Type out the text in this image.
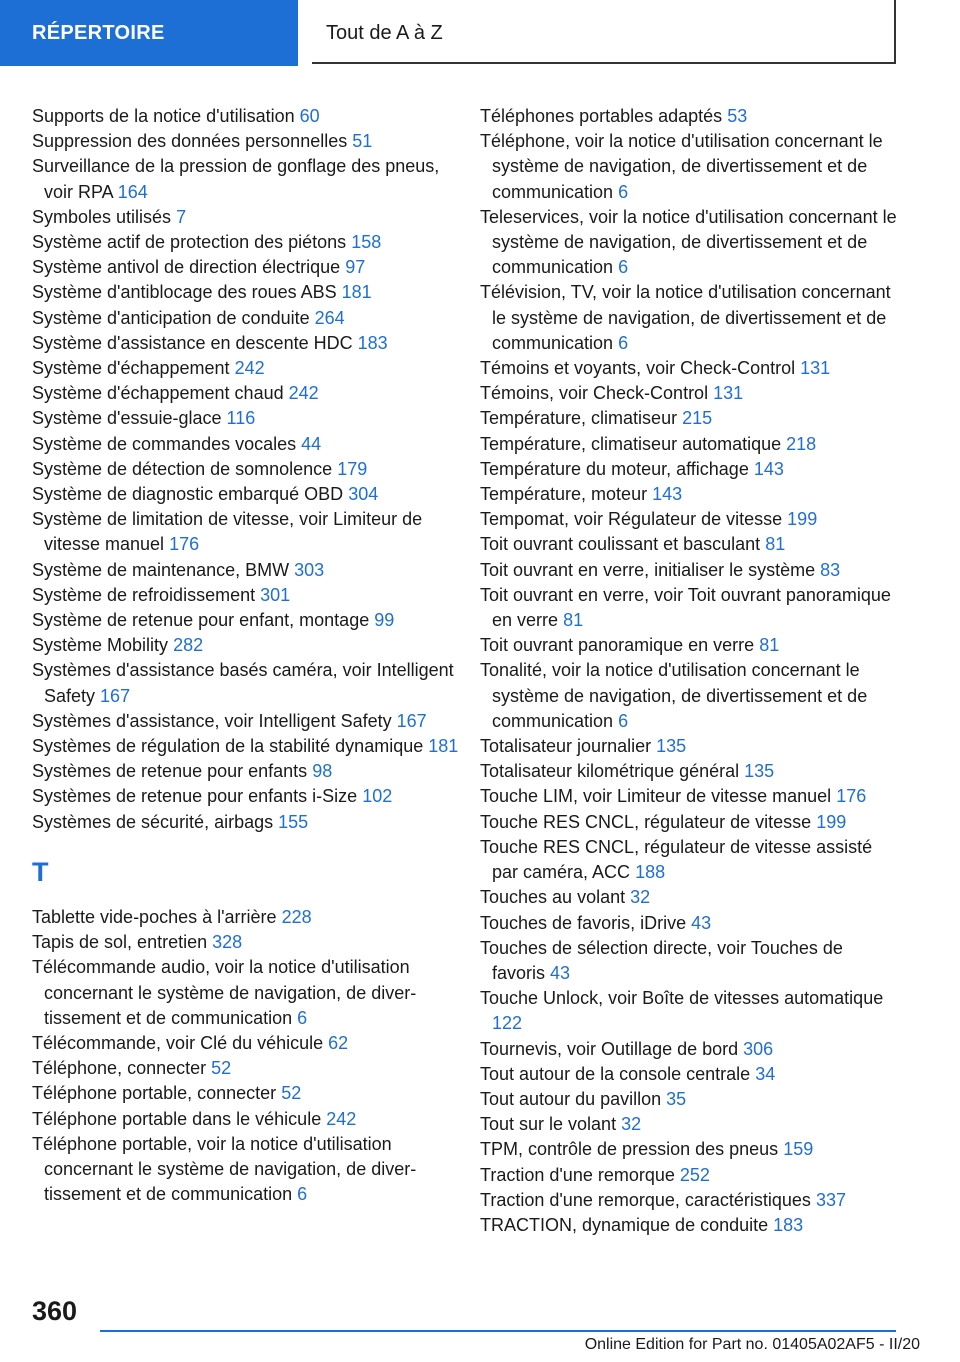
RÉPERTOIRE	Tout de A à Z
Supports de la notice d'utilisation 60
Suppression des données personnelles 51
Surveillance de la pression de gonflage des pneus, voir RPA 164
Symboles utilisés 7
Système actif de protection des piétons 158
Système antivol de direction électrique 97
Système d'antiblocage des roues ABS 181
Système d'anticipation de conduite 264
Système d'assistance en descente HDC 183
Système d'échappement 242
Système d'échappement chaud 242
Système d'essuie-glace 116
Système de commandes vocales 44
Système de détection de somnolence 179
Système de diagnostic embarqué OBD 304
Système de limitation de vitesse, voir Limiteur de vitesse manuel 176
Système de maintenance, BMW 303
Système de refroidissement 301
Système de retenue pour enfant, montage 99
Système Mobility 282
Systèmes d'assistance basés caméra, voir Intelligent Safety 167
Systèmes d'assistance, voir Intelligent Safety 167
Systèmes de régulation de la stabilité dynamique 181
Systèmes de retenue pour enfants 98
Systèmes de retenue pour enfants i-Size 102
Systèmes de sécurité, airbags 155
T
Tablette vide-poches à l'arrière 228
Tapis de sol, entretien 328
Télécommande audio, voir la notice d'utilisation concernant le système de navigation, de divertissement et de communication 6
Télécommande, voir Clé du véhicule 62
Téléphone, connecter 52
Téléphone portable, connecter 52
Téléphone portable dans le véhicule 242
Téléphone portable, voir la notice d'utilisation concernant le système de navigation, de divertissement et de communication 6
Téléphones portables adaptés 53
Téléphone, voir la notice d'utilisation concernant le système de navigation, de divertissement et de communication 6
Teleservices, voir la notice d'utilisation concernant le système de navigation, de divertissement et de communication 6
Télévision, TV, voir la notice d'utilisation concernant le système de navigation, de divertissement et de communication 6
Témoins et voyants, voir Check-Control 131
Témoins, voir Check-Control 131
Température, climatiseur 215
Température, climatiseur automatique 218
Température du moteur, affichage 143
Température, moteur 143
Tempomat, voir Régulateur de vitesse 199
Toit ouvrant coulissant et basculant 81
Toit ouvrant en verre, initialiser le système 83
Toit ouvrant en verre, voir Toit ouvrant panoramique en verre 81
Toit ouvrant panoramique en verre 81
Tonalité, voir la notice d'utilisation concernant le système de navigation, de divertissement et de communication 6
Totalisateur journalier 135
Totalisateur kilométrique général 135
Touche LIM, voir Limiteur de vitesse manuel 176
Touche RES CNCL, régulateur de vitesse 199
Touche RES CNCL, régulateur de vitesse assisté par caméra, ACC 188
Touches au volant 32
Touches de favoris, iDrive 43
Touches de sélection directe, voir Touches de favoris 43
Touche Unlock, voir Boîte de vitesses automatique 122
Tournevis, voir Outillage de bord 306
Tout autour de la console centrale 34
Tout autour du pavillon 35
Tout sur le volant 32
TPM, contrôle de pression des pneus 159
Traction d'une remorque 252
Traction d'une remorque, caractéristiques 337
TRACTION, dynamique de conduite 183
360
Online Edition for Part no. 01405A02AF5 - II/20
